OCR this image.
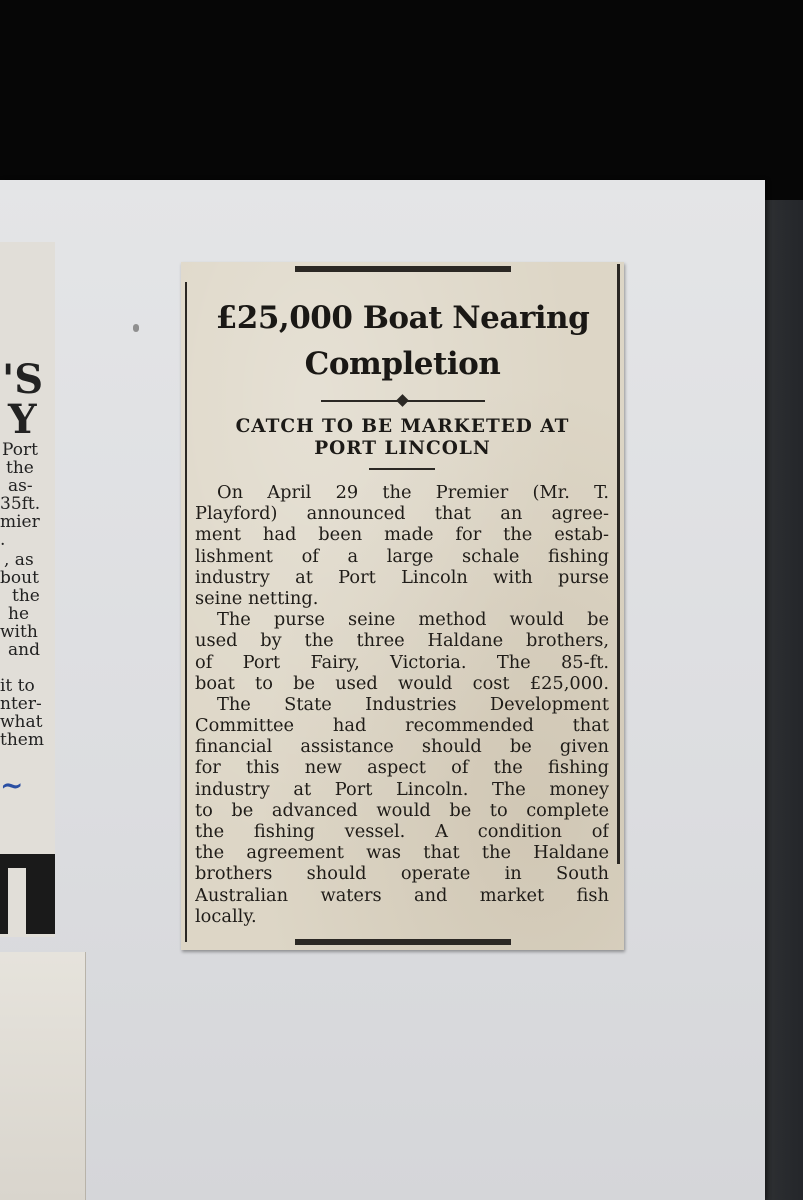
'S
Y
Port
the
as-
35ft.
mier
.
, as
bout
the
he
with
and
it to
nter-
what
them
~
£25,000 Boat Nearing
Completion
CATCH TO BE MARKETED AT
PORT LINCOLN
On April 29 the Premier (Mr. T.
Playford) announced that an agree-
ment had been made for the estab-
lishment of a large schale fishing
industry at Port Lincoln with purse
seine netting.
The purse seine method would be
used by the three Haldane brothers,
of Port Fairy, Victoria. The 85-ft.
boat to be used would cost £25,000.
The State Industries Development
Committee had recommended that
financial assistance should be given
for this new aspect of the fishing
industry at Port Lincoln. The money
to be advanced would be to complete
the fishing vessel. A condition of
the agreement was that the Haldane
brothers should operate in South
Australian waters and market fish
locally.
